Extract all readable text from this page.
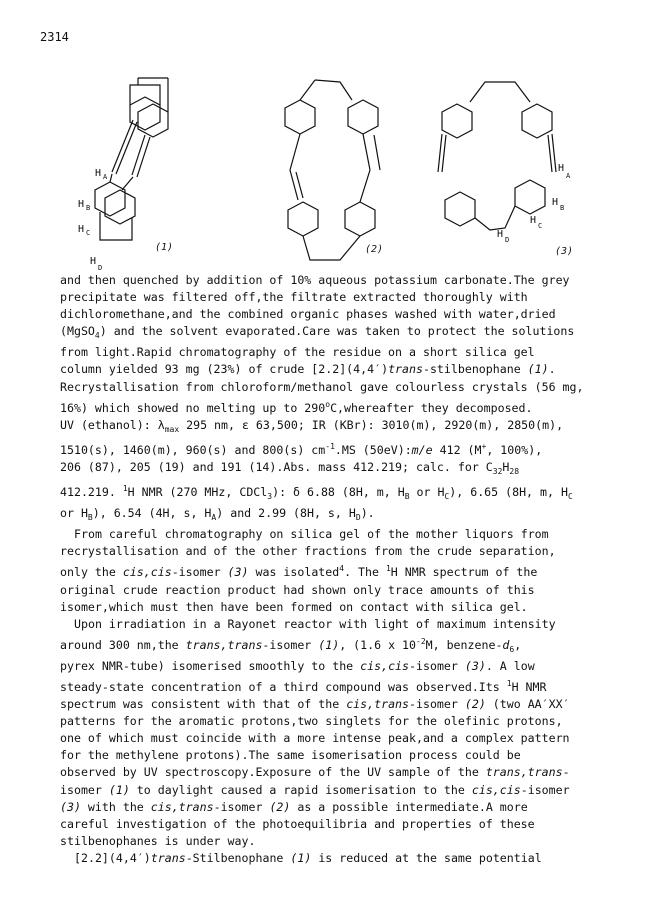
2314
(1)	(2)	(3)
H A
H B
H C
H
D
H
A
H B
H C
H D

and then quenched by addition of 10% aqueous potassium carbonate.The grey

precipitate was filtered off,the filtrate extracted thoroughly with

dichloromethane,and the combined organic phases washed with water,dried

(MgSO$_4$) and the solvent evaporated.Care was taken to protect the solutions

from light.Rapid chromatography of the residue on a short silica gel

column yielded 93 mg (23%) of crude [2.2](4,4′)trans-stilbenophane (1).

Recrystallisation from chloroform/methanol gave colourless crystals (56 mg,

16%) which showed no melting up to 290$^o$C,whereafter they decomposed.

UV (ethanol): $\lambda_{max}$ 295 nm, ε 63,500; IR (KBr): 3010(m), 2920(m), 2850(m),

1510(s), 1460(m), 960(s) and 800(s) $cm^{-1}.MS$ (50eV):m/e 412 (M+, 100%),

206 (87), 205 (19) and 191 (14).Abs. mass 412.219; calc. for $C_{32}H_{28}$

412.219. $^1$H NMR (270 MHz, CDCl$_3$): δ 6.88 (8H, m, $H_B$ or $H_C$), 6.65 (8H, m, $H_C$

or $H_B$), 6.54 (4H, s, $H_A$) and 2.99 (8H, s, $H_D$).

From careful chromatography on silica gel of the mother liquors from

recrystallisation and of the other fractions from the crude separation,

only the cis,cis-isomer (3) was isolated$^4$. The $^1$H NMR spectrum of the

original crude reaction product had shown only trace amounts of this

isomer,which must then have been formed on contact with silica gel.

Upon irradiation in a Rayonet reactor with light of maximum intensity

around 300 nm,the trans,trans-isomer (1), (1.6 x $10^{-2}M$, benzene-$d_6$,

pyrex NMR-tube) isomerised smoothly to the cis,cis-isomer (3). A low

steady-state concentration of a third compound was observed.Its $^1$H NMR

spectrum was consistent with that of the cis,trans-isomer (2) (two AA′XX′

patterns for the aromatic protons,two singlets for the olefinic protons,

one of which must coincide with a more intense peak,and a complex pattern

for the methylene protons).The same isomerisation process could be

observed by UV spectroscopy.Exposure of the UV sample of the trans,trans-

isomer (1) to daylight caused a rapid isomerisation to the cis,cis-isomer

(3) with the cis,trans-isomer (2) as a possible intermediate.A more

careful investigation of the photoequilibria and properties of these

stilbenophanes is under way.

[2.2](4,4′)trans-Stilbenophane (1) is reduced at the same potential
